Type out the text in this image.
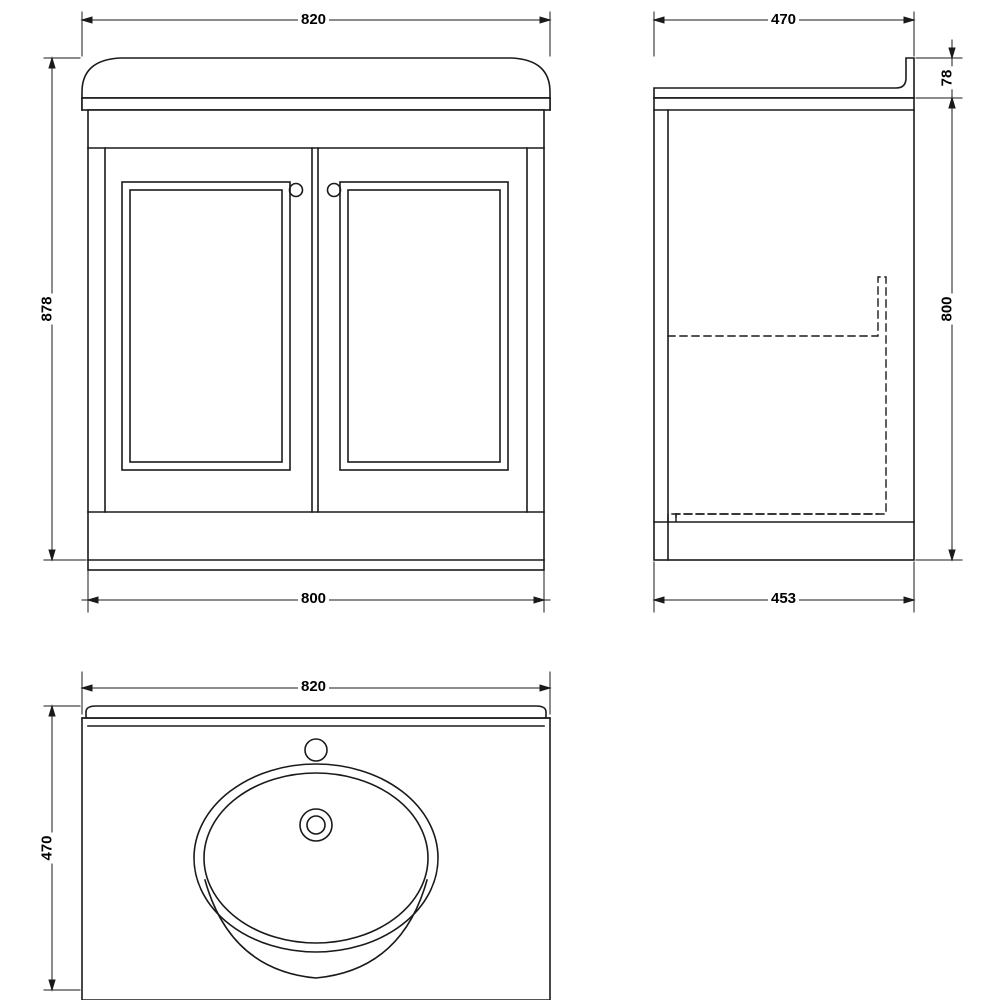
820
878
800
470
78
800
453
820
470
